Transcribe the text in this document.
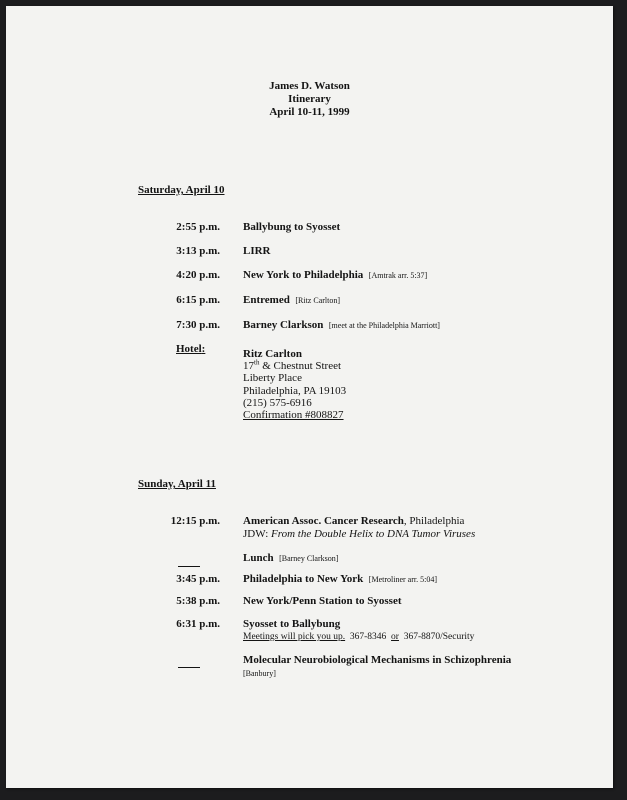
James D. Watson
Itinerary
April 10-11, 1999
Saturday, April 10
2:55 p.m. Ballybung to Syosset
3:13 p.m. LIRR
4:20 p.m. New York to Philadelphia [Amtrak arr. 5:37]
6:15 p.m. Entremed [Ritz Carlton]
7:30 p.m. Barney Clarkson [meet at the Philadelphia Marriott]
Hotel:	Ritz Carlton
17th & Chestnut Street
Liberty Place
Philadelphia, PA 19103
(215) 575-6916
Confirmation #808827
Sunday, April 11
12:15 p.m. American Assoc. Cancer Research, Philadelphia
JDW: From the Double Helix to DNA Tumor Viruses
Lunch [Barney Clarkson]
3:45 p.m. Philadelphia to New York [Metroliner arr. 5:04]
5:38 p.m. New York/Penn Station to Syosset
6:31 p.m. Syosset to Ballybung
Meetings will pick you up. 367-8346 or 367-8870/Security
Molecular Neurobiological Mechanisms in Schizophrenia
[Banbury]
